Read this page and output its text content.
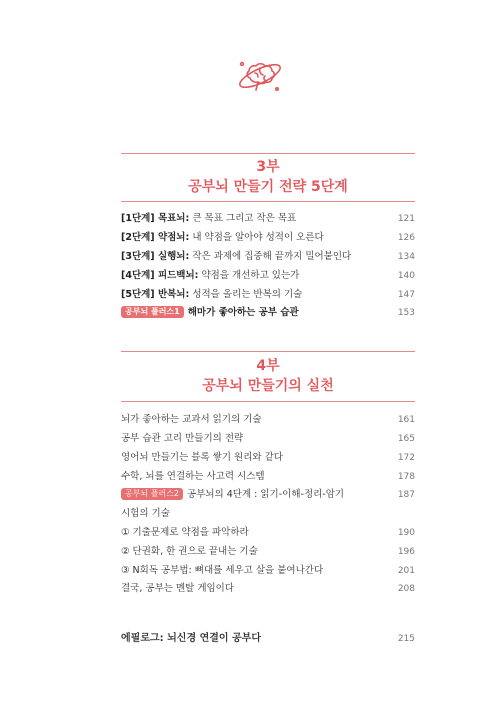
3부
공부뇌 만들기 전략 5단계
[1단계] 목표뇌: 큰 목표 그리고 작은 목표	121
[2단계] 약점뇌: 내 약점을 알아야 성적이 오른다	126
[3단계] 실행뇌: 작은 과제에 집중해 끝까지 밀어붙인다	134
[4단계] 피드백뇌: 약점을 개선하고 있는가	140
[5단계] 반복뇌: 성적을 올리는 반복의 기술	147
공부뇌 플러스1 해마가 좋아하는 공부 습관	153
4부
공부뇌 만들기의 실천
뇌가 좋아하는 교과서 읽기의 기술	161
공부 습관 고리 만들기의 전략	165
영어뇌 만들기는 블록 쌓기 원리와 같다	172
수학, 뇌를 연결하는 사고력 시스템	178
공부뇌 플러스2 공부뇌의 4단계 : 읽기-이해-정리-암기	187
시험의 기술
① 기출문제로 약점을 파악하라	190
② 단권화, 한 권으로 끝내는 기술	196
③ N회독 공부법: 뼈대를 세우고 살을 붙여나간다	201
결국, 공부는 멘탈 게임이다	208
에필로그: 뇌신경 연결이 공부다	215
